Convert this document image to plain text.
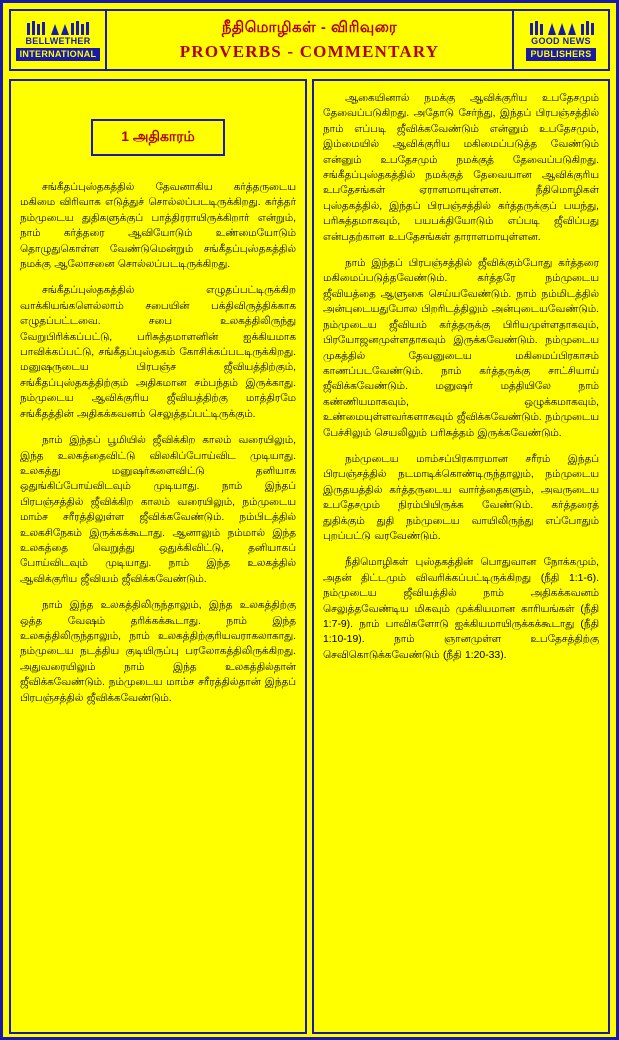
BELLWETHER
INTERNATIONAL
நீதிமொழிகள் - விரிவுரை
PROVERBS - COMMENTARY
GOOD NEWS
PUBLISHERS
1 அதிகாரம்

சங்கீதப்புஸ்தகத்தில் தேவனாகிய கர்த்தருடைய மகிமை விரிவாக எடுத்துச் சொல்லப்படடிருக்கிறது. கர்த்தர் நம்முடைய துதிகளுக்குப் பாத்திரராயிருக்கிறார் என்றும், நாம் கர்த்தரை ஆவியோடும் உண்மையோடும் தொழுதுகொள்ள வேண்டுமென்றும் சங்கீதப்புஸ்தகத்தில் நமக்கு ஆலோசனை சொல்லப்படடிருக்கிறது.

சங்கீதப்புஸ்தகத்தில் எழுதப்பட்டிருக்கிற வாக்கியங்களெல்லாம் சபையின் பக்திவிருத்திக்காக எழுதப்பட்டவை. சபை உலகத்திலிருந்து வேறுபிரிக்கப்பட்டு, பரிசுத்தமாளனின் ஐக்கியமாக பாவிக்கப்பட்டு, சங்கீதப்புஸ்தகம் கோசிக்கப்படடிருக்கிறது. மனுஷருடைய பிரபஞ்ச ஜீவியத்திற்கும், சங்கீதப்புஸ்தகத்திற்கும் அதிகமான சம்பந்தம் இருக்காது. நம்முடைய ஆவிக்குரிய ஜீவியத்திற்கு மாத்திரமே சங்கீதத்தின் அதிகக்கவனம் செலுத்தப்பட்டிருக்கும்.

நாம் இந்தப் பூமியில் ஜீவிக்கிற காலம் வரையிலும், இந்த உலகத்தைவிட்டு விலகிப்போய்விட முடியாது. உலகத்து மனுஷர்களைவிட்டு தனியாக ஒதுங்கிப்போய்விடவும் முடியாது. நாம் இந்தப் பிரபஞ்சத்தில் ஜீவிக்கிற காலம் வரையிலும், நம்முடைய மாம்ச சரீரத்திலுள்ள ஜீவிக்கவேண்டும். நம்பிடத்தில் உலகசிநேகம் இருக்கக்கூடாது. ஆனாலும் நம்மால் இந்த உலகத்தை வெறுத்து ஒதுக்கிவிட்டு, தனியாகப் போய்விடவும் முடியாது. நாம் இந்த உலகத்தில் ஆவிக்குரிய ஜீவியம் ஜீவிக்கவேண்டும்.

நாம் இந்த உலகத்திலிருந்தாலும், இந்த உலகத்திற்கு ஒத்த வேஷம் தரிக்கக்கூடாது. நாம் இந்த உலகத்திலிருந்தாலும், நாம் உலகத்திற்குரியவராகலாகாது. நம்முடைய நடத்திய குடியிருப்பு பரலோகத்திலிருக்கிறது. அதுவரையிலும் நாம் இந்த உலகத்தில்தான் ஜீவிக்கவேண்டும். நம்முடைய மாம்ச சரீரத்தில்தான் இந்தப் பிரபஞ்சத்தில் ஜீவிக்கவேண்டும்.

ஆகையினால் நமக்கு ஆவிக்குரிய உபதேசமும் தேவைப்படுகிறது. அதோடு சேர்ந்து, இந்தப் பிரபஞ்சத்தில் நாம் எப்படி ஜீவிக்கவேண்டும் என்னும் உபதேசமும், இம்மையில் ஆவிக்குரிய மகிமைப்படுத்த வேண்டும் என்னும் உபதேசமும் நமக்குத் தேவைப்படுகிறது. சங்கீதப்புஸ்தகத்தில் நமக்குத் தேவையான ஆவிக்குரிய உபதேசங்கள் ஏராளமாயுள்ளன. நீதிமொழிகள் புஸ்தகத்தில், இந்தப் பிரபஞ்சத்தில் கர்த்தருக்குப் பயந்து, பரிசுத்தமாகவும், பயபக்தியோடும் எப்படி ஜீவிப்பது என்பதற்கான உபதேசங்கள் தாராளமாயுள்ளன.

நாம் இந்தப் பிரபஞ்சத்தில் ஜீவிக்கும்போது கர்த்தரை மகிமைப்படுத்தவேண்டும். கர்த்தரே நம்முடைய ஜீவியத்தை ஆளுகை செய்யவேண்டும். நாம் நம்மிடத்தில் அன்புடையதுபோல பிறரிடத்திலும் அன்புடையவேண்டும். நம்முடைய ஜீவியம் கர்த்தருக்கு பிரியமுள்ளதாகவும், பிரயோஜனமுள்ளதாகவும் இருக்கவேண்டும். நம்முடைய முகத்தில் தேவனுடைய மகிமைப்பிரகாசம் காணப்படவேண்டும். நாம் கர்த்தருக்கு சாட்சியாய் ஜீவிக்கவேண்டும். மனுஷர் மத்தியிலே நாம் கண்ணியமாகவும், ஒழுக்கமாகவும், உண்மையுள்ளவர்களாகவும் ஜீவிக்கவேண்டும். நம்முடைய பேச்சிலும் செயலிலும் பரிசுத்தம் இருக்கவேண்டும்.

நம்முடைய மாம்சப்பிரகாரமான சரீரம் இந்தப் பிரபஞ்சத்தில் நடமாடிக்கொண்டிருந்தாலும், நம்முடைய இருதயத்தில் கர்த்தருடைய வார்த்தைகளும், அவருடைய உபதேசமும் நிரம்பியிருக்க வேண்டும். கர்த்தரைத் துதிக்கும் துதி நம்முடைய வாயிலிருந்து எப்போதும் புறப்பட்டு வரவேண்டும்.

நீதிமொழிகள் புஸ்தகத்தின் பொதுவான நோக்கமும், அதன் திட்டமும் விவரிக்கப்பட்டிருக்கிறது (நீதி 1:1-6). நம்முடைய ஜீவியத்தில் நாம் அதிகக்கவனம் செலுத்தவேண்டிய மிகவும் முக்கியமான காரியங்கள் (நீதி 1:7-9). நாம் பாவிகளோடு ஐக்கியமாயிருக்கக்கூடாது (நீதி 1:10-19). நாம் ஞானமுள்ள உபதேசத்திற்கு செவிகொடுக்கவேண்டும் (நீதி 1:20-33).
